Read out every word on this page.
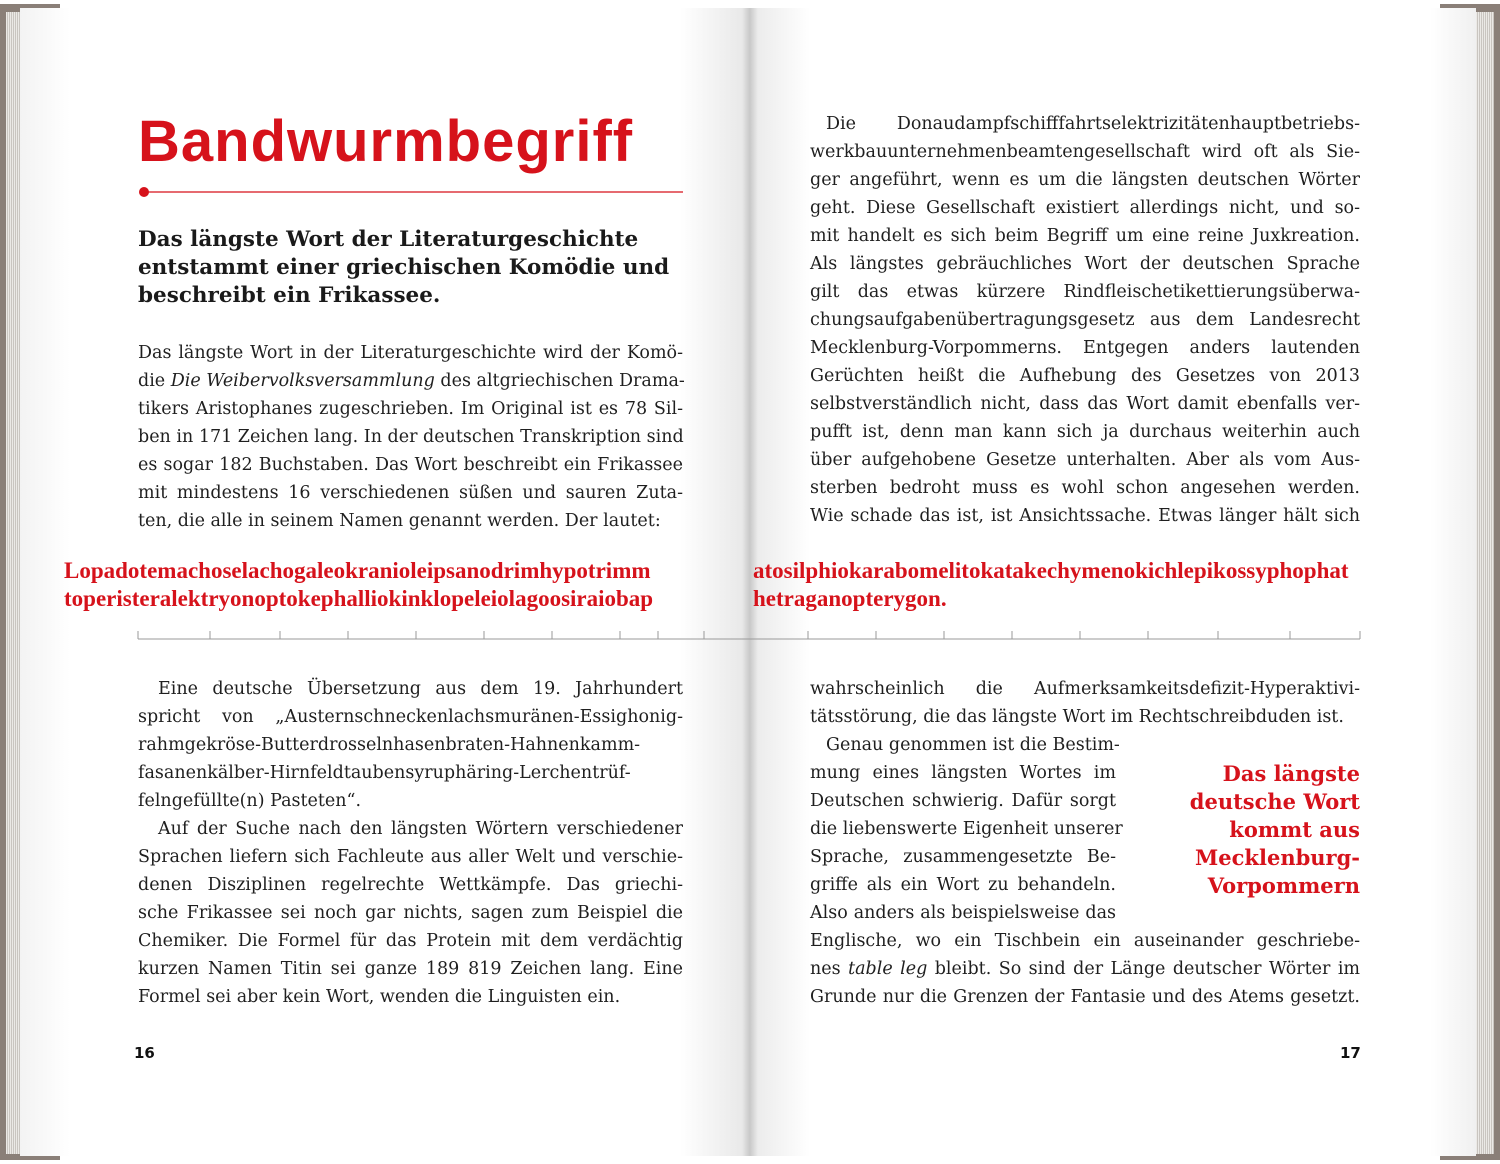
Bandwurmbegriff
Das längste Wort der Literaturgeschichte
entstammt einer griechischen Komödie und
beschreibt ein Frikassee.

Das längste Wort in der Literaturgeschichte wird der Komö-

die Die Weibervolksversammlung des altgriechischen Drama-

tikers Aristophanes zugeschrieben. Im Original ist es 78 Sil-

ben in 171 Zeichen lang. In der deutschen Transkription sind

es sogar 182 Buchstaben. Das Wort beschreibt ein Frikassee

mit mindestens 16 verschiedenen süßen und sauren Zuta-

ten, die alle in seinem Namen genannt werden. Der lautet:

Eine deutsche Übersetzung aus dem 19. Jahrhundert

spricht von „Austernschneckenlachsmuränen-Essighonig-

rahmgekröse-Butterdrosselnhasenbraten-Hahnenkamm-

fasanenkälber-Hirnfeldtaubensyruphäring-Lerchentrüf-

felngefüllte(n) Pasteten“.

Auf der Suche nach den längsten Wörtern verschiedener

Sprachen liefern sich Fachleute aus aller Welt und verschie-

denen Disziplinen regelrechte Wettkämpfe. Das griechi-

sche Frikassee sei noch gar nichts, sagen zum Beispiel die

Chemiker. Die Formel für das Protein mit dem verdächtig

kurzen Namen Titin sei ganze 189 819 Zeichen lang. Eine

Formel sei aber kein Wort, wenden die Linguisten ein.

16

Die Donaudampfschifffahrtselektrizitätenhauptbetriebs-

werkbauunternehmenbeamtengesellschaft wird oft als Sie-

ger angeführt, wenn es um die längsten deutschen Wörter

geht. Diese Gesellschaft existiert allerdings nicht, und so-

mit handelt es sich beim Begriff um eine reine Juxkreation.

Als längstes gebräuchliches Wort der deutschen Sprache

gilt das etwas kürzere Rindfleischetikettierungsüberwa-

chungsaufgabenübertragungsgesetz aus dem Landesrecht

Mecklenburg-Vorpommerns. Entgegen anders lautenden

Gerüchten heißt die Aufhebung des Gesetzes von 2013

selbstverständlich nicht, dass das Wort damit ebenfalls ver-

pufft ist, denn man kann sich ja durchaus weiterhin auch

über aufgehobene Gesetze unterhalten. Aber als vom Aus-

sterben bedroht muss es wohl schon angesehen werden.

Wie schade das ist, ist Ansichtssache. Etwas länger hält sich

wahrscheinlich die Aufmerksamkeitsdefizit-Hyperaktivi-

tätsstörung, die das längste Wort im Rechtschreibduden ist.

Genau genommen ist die Bestim-

mung eines längsten Wortes im

Deutschen schwierig. Dafür sorgt

die liebenswerte Eigenheit unserer

Sprache, zusammengesetzte Be-

griffe als ein Wort zu behandeln.

Also anders als beispielsweise das

Englische, wo ein Tischbein ein auseinander geschriebe-

nes table leg bleibt. So sind der Länge deutscher Wörter im

Grunde nur die Grenzen der Fantasie und des Atems gesetzt.

Das längste
deutsche Wort
kommt aus
Mecklenburg-
Vorpommern
17

Lopadotemachoselachogaleokranioleipsanodrimhypotrimm

toperisteralektryonoptokephalliokinklopeleiolagoosiraiobap

atosilphiokarabomelitokatakechymenokichlepikossyphophat

hetraganopterygon.
